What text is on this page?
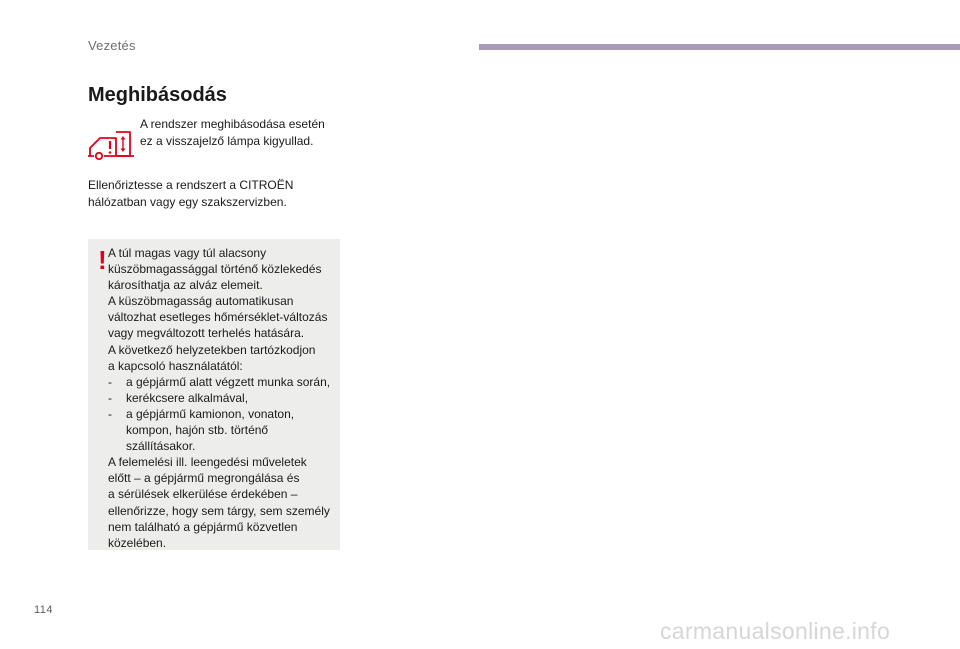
Vezetés
Meghibásodás
A rendszer meghibásodása esetén
ez a visszajelző lámpa kigyullad.
Ellenőriztesse a rendszert a CITROËN
hálózatban vagy egy szakszervizben.
! A túl magas vagy túl alacsony
küszöbmagassággal történő közlekedés
károsíthatja az alváz elemeit.
A küszöbmagasság automatikusan
változhat esetleges hőmérséklet-változás
vagy megváltozott terhelés hatására.
A következő helyzetekben tartózkodjon
a kapcsoló használatától:
- a gépjármű alatt végzett munka során,
- kerékcsere alkalmával,
- a gépjármű kamionon, vonaton,
kompon, hajón stb. történő
szállításakor.
A felemelési ill. leengedési műveletek
előtt – a gépjármű megrongálása és
a sérülések elkerülése érdekében –
ellenőrizze, hogy sem tárgy, sem személy
nem található a gépjármű közvetlen
közelében.
114
carmanualsonline.info
